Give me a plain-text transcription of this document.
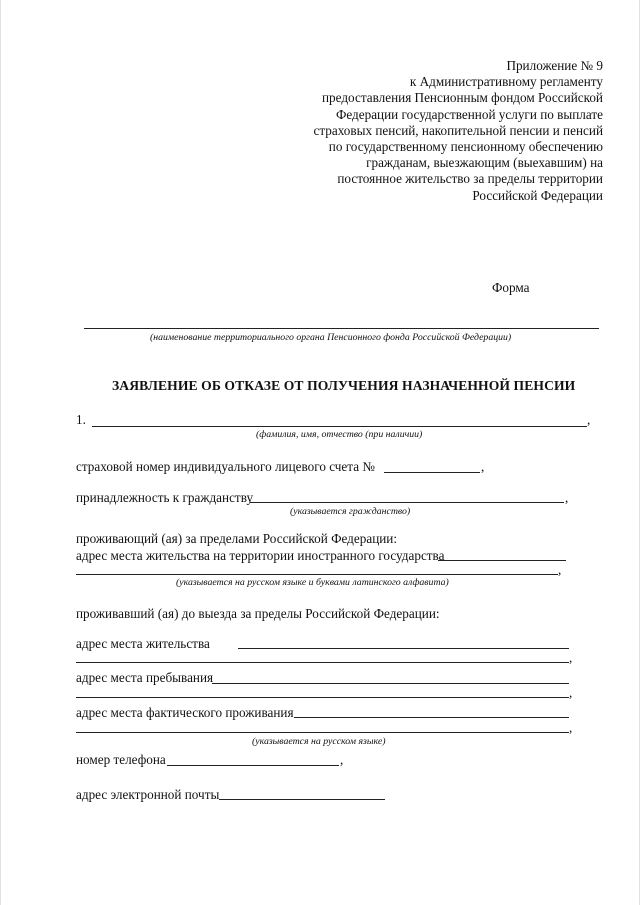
Приложение № 9
к Административному регламенту
предоставления Пенсионным фондом Российской
Федерации государственной услуги по выплате
страховых пенсий, накопительной пенсии и пенсий
по государственному пенсионному обеспечению
гражданам, выезжающим (выехавшим) на
постоянное жительство за пределы территории
Российской Федерации
Форма
(наименование территориального органа Пенсионного фонда Российской Федерации)
ЗАЯВЛЕНИЕ ОБ ОТКАЗЕ ОТ ПОЛУЧЕНИЯ НАЗНАЧЕННОЙ ПЕНСИИ
1.	,
(фамилия, имя, отчество (при наличии)
страховой номер индивидуального лицевого счета №	,
принадлежность к гражданству	,
(указывается гражданство)
проживающий (ая) за пределами Российской Федерации:
адрес места жительства на территории иностранного государства
,
(указывается на русском языке и буквами латинского алфавита)
проживавший (ая) до выезда за пределы Российской Федерации:
адрес места жительства
,
адрес места пребывания
,
адрес места фактического проживания
,
(указывается на русском языке)
номер телефона	,
адрес электронной почты
